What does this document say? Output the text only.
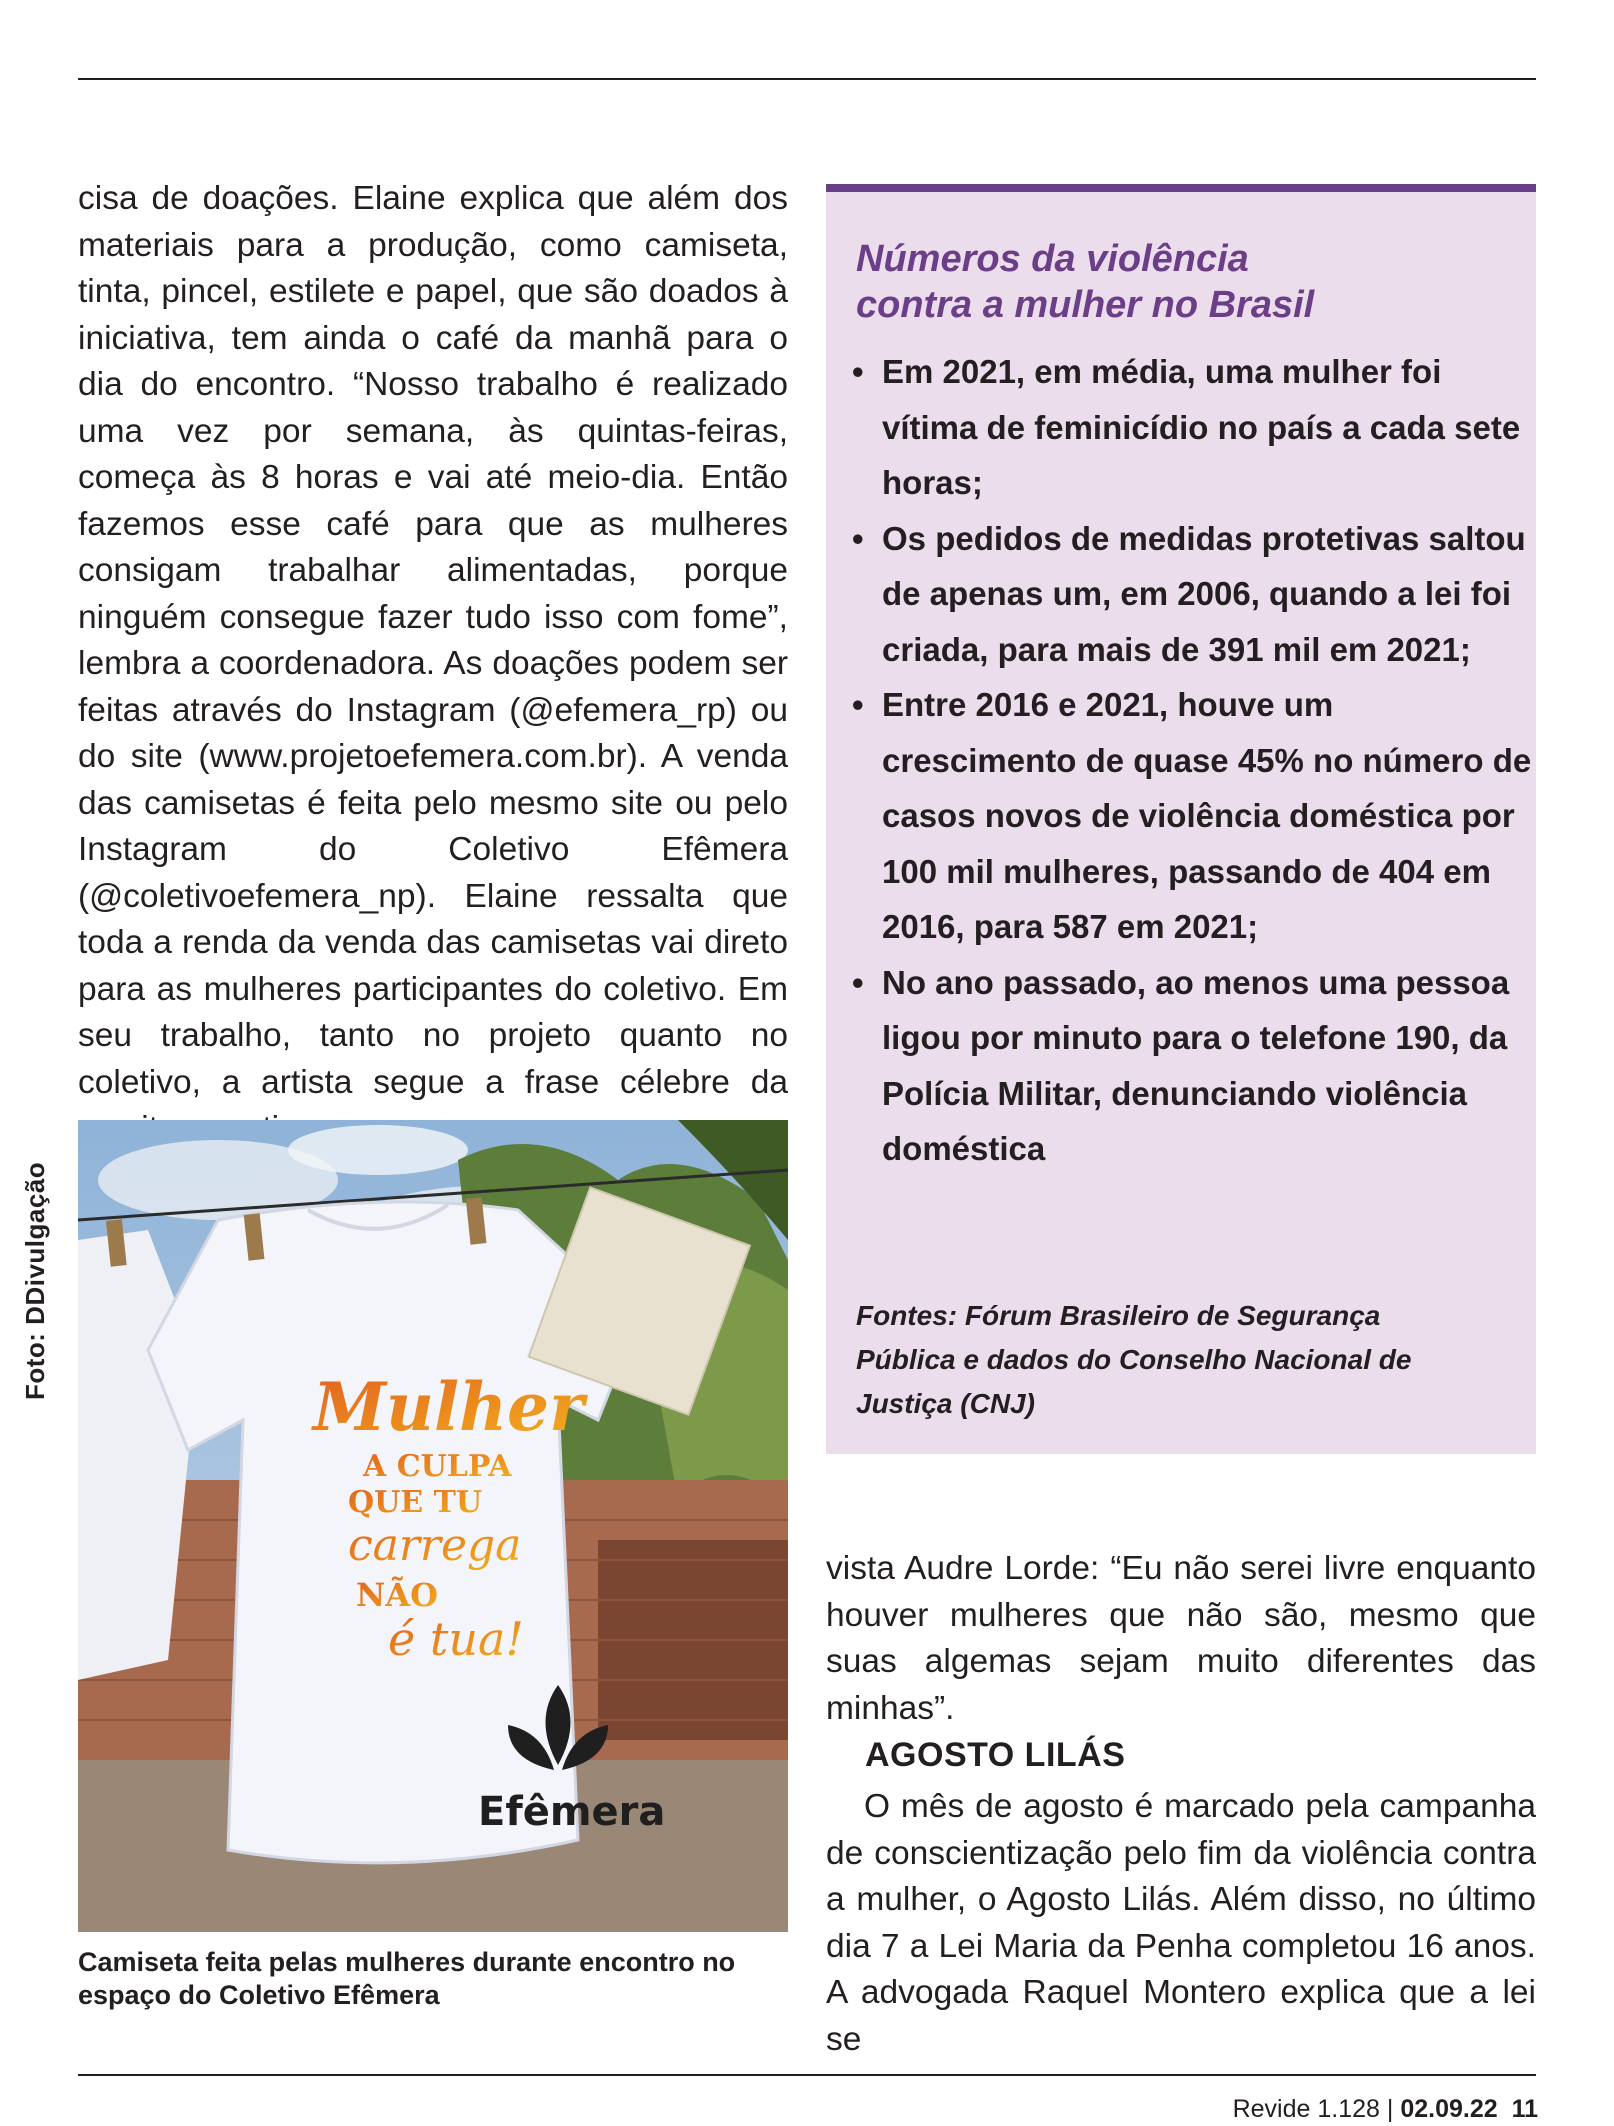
cisa de doações. Elaine explica que além dos materiais para a produção, como camiseta, tinta, pincel, estilete e papel, que são doados à iniciativa, tem ainda o café da manhã para o dia do encontro. “Nosso trabalho é realizado uma vez por semana, às quintas-feiras, começa às 8 horas e vai até meio-dia. Então fazemos esse café para que as mulheres consigam trabalhar alimentadas, porque ninguém consegue fazer tudo isso com fome”, lembra a coordenadora. As doações podem ser feitas através do Instagram (@efemera_rp) ou do site (www.projetoefemera.com.br). A venda das camisetas é feita pelo mesmo site ou pelo Instagram do Coletivo Efêmera (@coletivoefemera_np). Elaine ressalta que toda a renda da venda das camisetas vai direto para as mulheres participantes do coletivo. Em seu trabalho, tanto no projeto quanto no coletivo, a artista segue a frase célebre da

Foto: DDivulgação
Mulher
A CULPA
QUE TU
carrega
NÃO
é tua!
Efêmera
Camiseta feita pelas mulheres durante encontro no espaço do Coletivo Efêmera
Números da violência
contra a mulher no Brasil
• Em 2021, em média, uma mulher foi vítima de feminicídio no país a cada sete horas;
• Os pedidos de medidas protetivas saltou de apenas um, em 2006, quando a lei foi criada, para mais de 391 mil em 2021;
• Entre 2016 e 2021, houve um crescimento de quase 45% no número de casos novos de violência doméstica por 100 mil mulheres, passando de 404 em 2016, para 587 em 2021;
• No ano passado, ao menos uma pessoa ligou por minuto para o telefone 190, da Polícia Militar, denunciando violência doméstica
Fontes: Fórum Brasileiro de Segurança Pública e dados do Conselho Nacional de Justiça (CNJ)

vista Audre Lorde: “Eu não serei livre enquanto houver mulheres que não são, mesmo que suas algemas sejam muito diferentes das minhas”.

AGOSTO LILÁS

O mês de agosto é marcado pela campanha de conscientização pelo fim da violência contra a mulher, o Agosto Lilás. Além disso, no último dia 7 a Lei Maria da Penha completou 16 anos. A advogada Raquel Montero explica que a lei se

Revide 1.128 | 02.09.22 11
